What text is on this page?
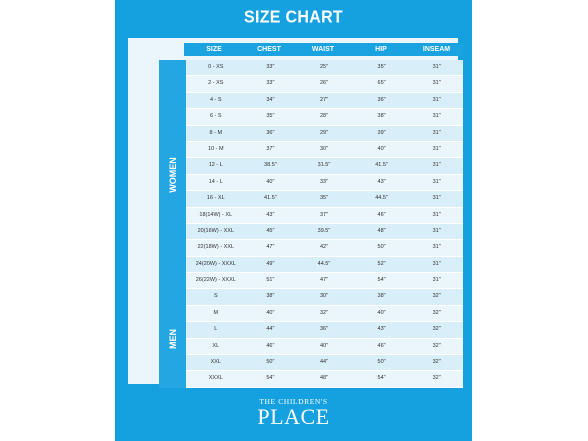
SIZE CHART
SIZE	CHEST	WAIST	HIP	INSEAM
WOMEN
MEN
0 - XS	33"	25"	35"	31"
2 - XS	33"	26"	65"	31"
4 - S	34"	27"	36"	31"
6 - S	35"	28"	38"	31"
8 - M	36"	29"	39"	31"
10 - M	37"	30"	40"	31"
12 - L	38.5"	31.5"	41.5"	31"
14 - L	40"	33"	43"	31"
16 - XL	41.5"	35"	44.5"	31"
18(14W) - XL	43"	37"	46"	31"
20(16W) - XXL	45"	39.5"	48"	31"
22(18W) - XXL	47"	42"	50"	31"
24(20W) - XXXL	49"	44.5"	52"	31"
26(22W) - XXXL	51"	47"	54"	31"
S	38"	30"	38"	32"
M	40"	32"	40"	32"
L	44"	36"	43"	32"
XL	46"	40"	46"	32"
XXL	50"	44"	50"	32"
XXXL	54"	48"	54"	32"
THE CHILDREN'S
PLACE
